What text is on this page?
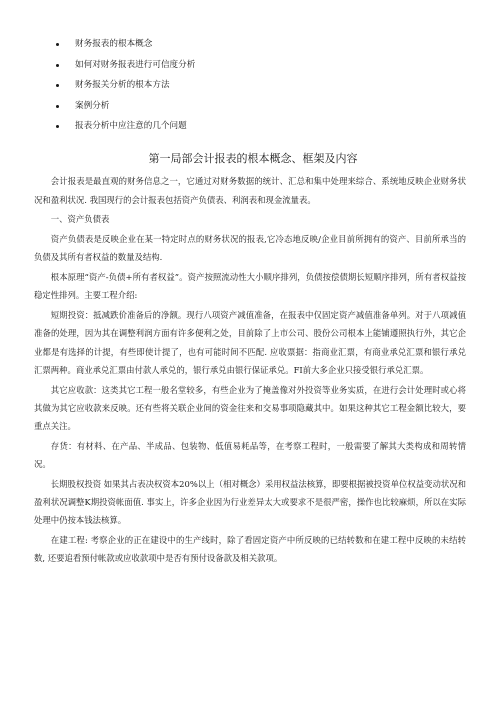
财务报表的根本概念
如何对财务报表进行可信度分析
财务报关分析的根本方法
案例分析
报表分析中应注意的几个问题
第一局部会计报表的根本概念、框架及内容

会计报表是最直观的财务信息之一，它通过对财务数据的统计、汇总和集中处理来综合、系统地反映企业财务状况和盈利状况. 我国现行的会计报表包括资产负债表、利润表和现金流量表。

一、资产负债表

资产负债表是反映企业在某一特定时点的财务状况的报表,它冷态地反映/企业目前所拥有的资产、目前所承当的负债及其所有者权益的数量及结构.

根本原理“资产-负债+所有者权益”。资产按照流动性大小顺序排列，负债按偿债期长短顺序排列，所有者权益按稳定性排列。主要工程介绍:

短期投资：抵减跌价准备后的净额。现行八项资产减值准备，在报表中仅固定资产减值准备单列。对于八项减值准备的处理，因为其在调整利润方面有许多便利之处，目前除了上市公司、股份公司根本上能铺遵照执行外，其它企业都是有选择的计提，有些即使计提了，也有可能时间不匹配. 应收票据：指商业汇票，有商业承兑汇票和银行承兑汇票两种。商业承兑汇票由付款人承兑的，银行承兑由银行保证承兑。FI前大多企业只接受银行承兑汇票。

其它应收款：这类其它工程一般名堂较多，有些企业为了掩盖像对外投资等业务实质，在进行会计处理时或心将其做为其它应收款来反映。还有些将关联企业间的资金往来和交易事项隐藏其中。如果这种其它工程金额比较大，要重点关注。

存货：有材料、在产品、半成品、包装物、低值易耗品等，在考察工程时，一般需要了解其大类构成和周转情况。

长期股权投资 如果其占表决权资本20%以上（相对概念）采用权益法核算，即要根据被投资单位权益变动状况和盈利状况调整K期投资帐面值. 事实上，许多企业因为行业差异太大或要求不是很严密，操作也比较麻烦，所以在实际处理中仍按本钱法核算。

在建工程: 考察企业的正在建设中的生产线时，除了看固定资产中所反映的已结转数和在建工程中反映的未结转数, 还要追看预付帐款或应收款项中是否有预付设备款及相关款项。
